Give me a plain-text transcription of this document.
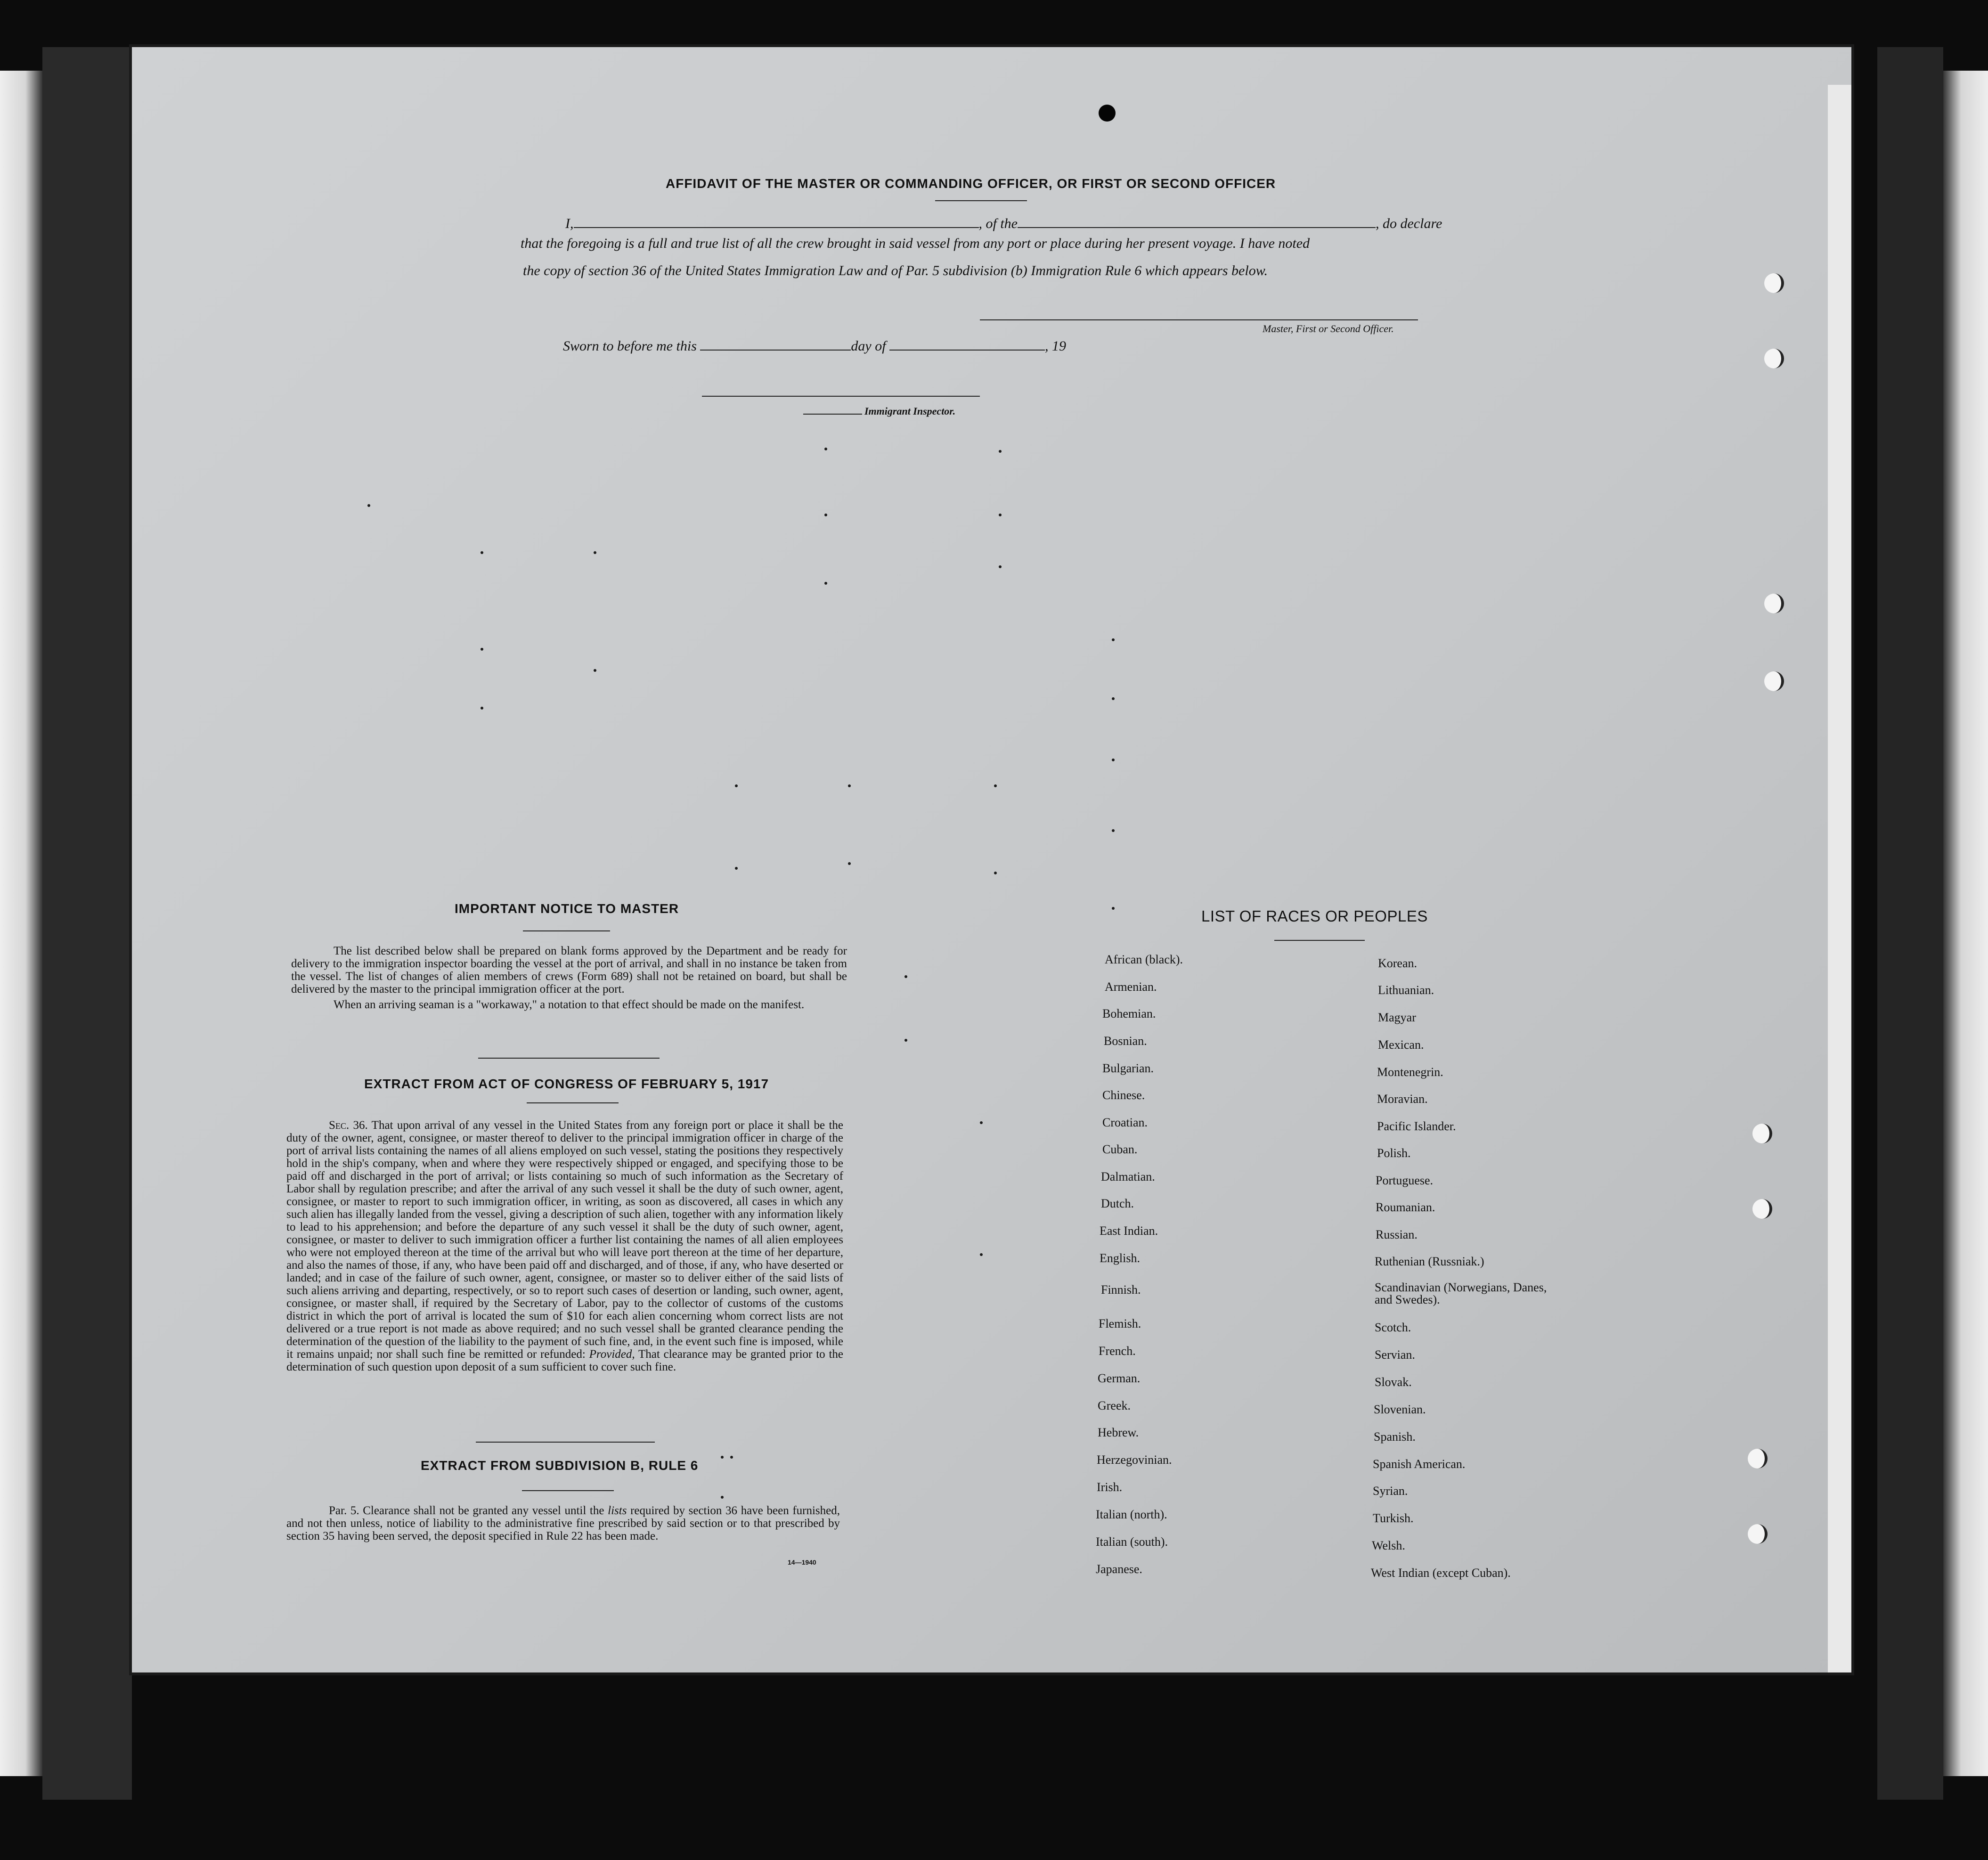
AFFIDAVIT OF THE MASTER OR COMMANDING OFFICER, OR FIRST OR SECOND OFFICER
I,	, of the	, do declare
that the foregoing is a full and true list of all the crew brought in said vessel from any port or place during her present voyage. I have noted
the copy of section 36 of the United States Immigration Law and of Par. 5 subdivision (b) Immigration Rule 6 which appears below.
Master, First or Second Officer.
Sworn to before me this	day of	, 19
Immigrant Inspector.
IMPORTANT NOTICE TO MASTER

The list described below shall be prepared on blank forms approved by the Department and be ready for delivery to the immigration inspector boarding the vessel at the port of arrival, and shall in no instance be taken from the vessel. The list of changes of alien members of crews (Form 689) shall not be retained on board, but shall be delivered by the master to the principal immigration officer at the port.

When an arriving seaman is a "workaway," a notation to that effect should be made on the manifest.

EXTRACT FROM ACT OF CONGRESS OF FEBRUARY 5, 1917

Sec. 36. That upon arrival of any vessel in the United States from any foreign port or place it shall be the duty of the owner, agent, consignee, or master thereof to deliver to the principal immigration officer in charge of the port of arrival lists containing the names of all aliens employed on such vessel, stating the positions they respectively hold in the ship's company, when and where they were respectively shipped or engaged, and specifying those to be paid off and discharged in the port of arrival; or lists containing so much of such information as the Secretary of Labor shall by regulation prescribe; and after the arrival of any such vessel it shall be the duty of such owner, agent, consignee, or master to report to such immigration officer, in writing, as soon as discovered, all cases in which any such alien has illegally landed from the vessel, giving a description of such alien, together with any information likely to lead to his apprehension; and before the departure of any such vessel it shall be the duty of such owner, agent, consignee, or master to deliver to such immigration officer a further list containing the names of all alien employees who were not employed thereon at the time of the arrival but who will leave port thereon at the time of her departure, and also the names of those, if any, who have been paid off and discharged, and of those, if any, who have deserted or landed; and in case of the failure of such owner, agent, consignee, or master so to deliver either of the said lists of such aliens arriving and departing, respectively, or so to report such cases of desertion or landing, such owner, agent, consignee, or master shall, if required by the Secretary of Labor, pay to the collector of customs of the customs district in which the port of arrival is located the sum of $10 for each alien concerning whom correct lists are not delivered or a true report is not made as above required; and no such vessel shall be granted clearance pending the determination of the question of the liability to the payment of such fine, and, in the event such fine is imposed, while it remains unpaid; nor shall such fine be remitted or refunded: Provided, That clearance may be granted prior to the determination of such question upon deposit of a sum sufficient to cover such fine.

EXTRACT FROM SUBDIVISION B, RULE 6

Par. 5. Clearance shall not be granted any vessel until the lists required by section 36 have been furnished, and not then unless, notice of liability to the administrative fine prescribed by said section or to that prescribed by section 35 having been served, the deposit specified in Rule 22 has been made.

14—1940
LIST OF RACES OR PEOPLES
African (black).
Armenian.
Bohemian.
Bosnian.
Bulgarian.
Chinese.
Croatian.
Cuban.
Dalmatian.
Dutch.
East Indian.
English.
Finnish.
Flemish.
French.
German.
Greek.
Hebrew.
Herzegovinian.
Irish.
Italian (north).
Italian (south).
Japanese.
Korean.
Lithuanian.
Magyar
Mexican.
Montenegrin.
Moravian.
Pacific Islander.
Polish.
Portuguese.
Roumanian.
Russian.
Ruthenian (Russniak.)
Scandinavian (Norwegians, Danes, and Swedes).
Scotch.
Servian.
Slovak.
Slovenian.
Spanish.
Spanish American.
Syrian.
Turkish.
Welsh.
West Indian (except Cuban).
